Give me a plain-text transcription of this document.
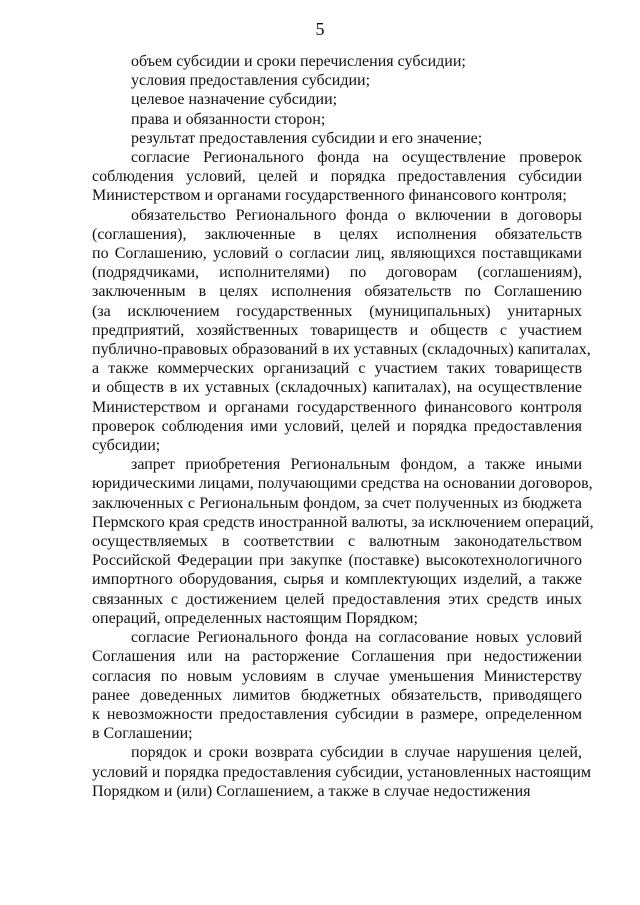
5
объем субсидии и сроки перечисления субсидии;
условия предоставления субсидии;
целевое назначение субсидии;
права и обязанности сторон;
результат предоставления субсидии и его значение;
согласие Регионального фонда на осуществление проверок
соблюдения условий, целей и порядка предоставления субсидии
Министерством и органами государственного финансового контроля;
обязательство Регионального фонда о включении в договоры
(соглашения), заключенные в целях исполнения обязательств
по Соглашению, условий о согласии лиц, являющихся поставщиками
(подрядчиками, исполнителями) по договорам (соглашениям),
заключенным в целях исполнения обязательств по Соглашению
(за исключением государственных (муниципальных) унитарных
предприятий, хозяйственных товариществ и обществ с участием
публично-правовых образований в их уставных (складочных) капиталах,
а также коммерческих организаций с участием таких товариществ
и обществ в их уставных (складочных) капиталах), на осуществление
Министерством и органами государственного финансового контроля
проверок соблюдения ими условий, целей и порядка предоставления
субсидии;
запрет приобретения Региональным фондом, а также иными
юридическими лицами, получающими средства на основании договоров,
заключенных с Региональным фондом, за счет полученных из бюджета
Пермского края средств иностранной валюты, за исключением операций,
осуществляемых в соответствии с валютным законодательством
Российской Федерации при закупке (поставке) высокотехнологичного
импортного оборудования, сырья и комплектующих изделий, а также
связанных с достижением целей предоставления этих средств иных
операций, определенных настоящим Порядком;
согласие Регионального фонда на согласование новых условий
Соглашения или на расторжение Соглашения при недостижении
согласия по новым условиям в случае уменьшения Министерству
ранее доведенных лимитов бюджетных обязательств, приводящего
к невозможности предоставления субсидии в размере, определенном
в Соглашении;
порядок и сроки возврата субсидии в случае нарушения целей,
условий и порядка предоставления субсидии, установленных настоящим
Порядком и (или) Соглашением, а также в случае недостижения
